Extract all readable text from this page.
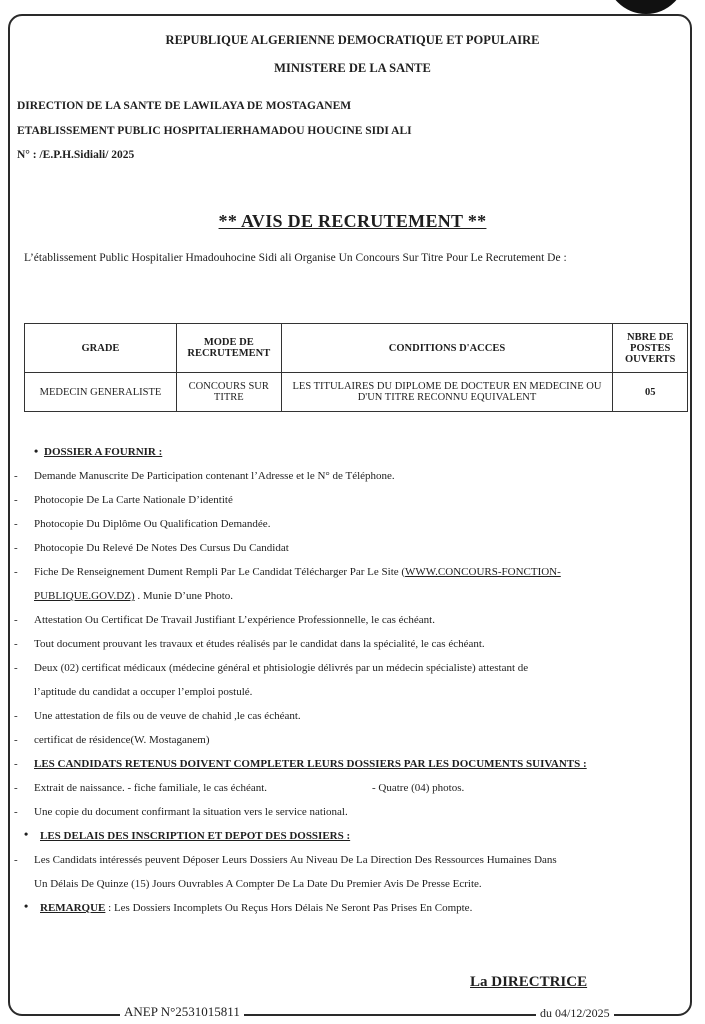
REPUBLIQUE ALGERIENNE DEMOCRATIQUE ET POPULAIRE
MINISTERE DE LA SANTE
DIRECTION DE LA SANTE DE LAWILAYA DE MOSTAGANEM
ETABLISSEMENT PUBLIC HOSPITALIERHAMADOU HOUCINE SIDI ALI
N° : /E.P.H.Sidiali/ 2025
** AVIS DE RECRUTEMENT **
L’établissement Public Hospitalier Hmadouhocine Sidi ali Organise Un Concours Sur Titre Pour Le Recrutement De :
GRADE	MODE DE RECRUTEMENT	CONDITIONS D'ACCES	NBRE DE POSTES OUVERTS
MEDECIN GENERALISTE	CONCOURS SUR TITRE	LES TITULAIRES DU DIPLOME DE DOCTEUR EN MEDECINE OU D'UN TITRE RECONNU EQUIVALENT	05
• DOSSIER A FOURNIR :
- Demande Manuscrite De Participation contenant l’Adresse et le N° de Téléphone.
- Photocopie De La Carte Nationale D’identité
- Photocopie Du Diplôme Ou Qualification Demandée.
- Photocopie Du Relevé De Notes Des Cursus Du Candidat
- Fiche De Renseignement Dument Rempli Par Le Candidat Télécharger Par Le Site (WWW.CONCOURS-FONCTION-
PUBLIQUE.GOV.DZ) . Munie D’une Photo.
- Attestation Ou Certificat De Travail Justifiant L’expérience Professionnelle, le cas échéant.
- Tout document prouvant les travaux et études réalisés par le candidat dans la spécialité, le cas échéant.
- Deux (02) certificat médicaux (médecine général et phtisiologie délivrés par un médecin spécialiste) attestant de
l’aptitude du candidat a occuper l’emploi postulé.
- Une attestation de fils ou de veuve de chahid ,le cas échéant.
- certificat de résidence(W. Mostaganem)
- LES CANDIDATS RETENUS DOIVENT COMPLETER LEURS DOSSIERS PAR LES DOCUMENTS SUIVANTS :
- Extrait de naissance. - fiche familiale, le cas échéant.	- Quatre (04) photos.
- Une copie du document confirmant la situation vers le service national.
• LES DELAIS DES INSCRIPTION ET DEPOT DES DOSSIERS :
- Les Candidats intéressés peuvent Déposer Leurs Dossiers Au Niveau De La Direction Des Ressources Humaines Dans
Un Délais De Quinze (15) Jours Ouvrables A Compter De La Date Du Premier Avis De Presse Ecrite.
• REMARQUE : Les Dossiers Incomplets Ou Reçus Hors Délais Ne Seront Pas Prises En Compte.
La DIRECTRICE
ANEP N°2531015811	du 04/12/2025
